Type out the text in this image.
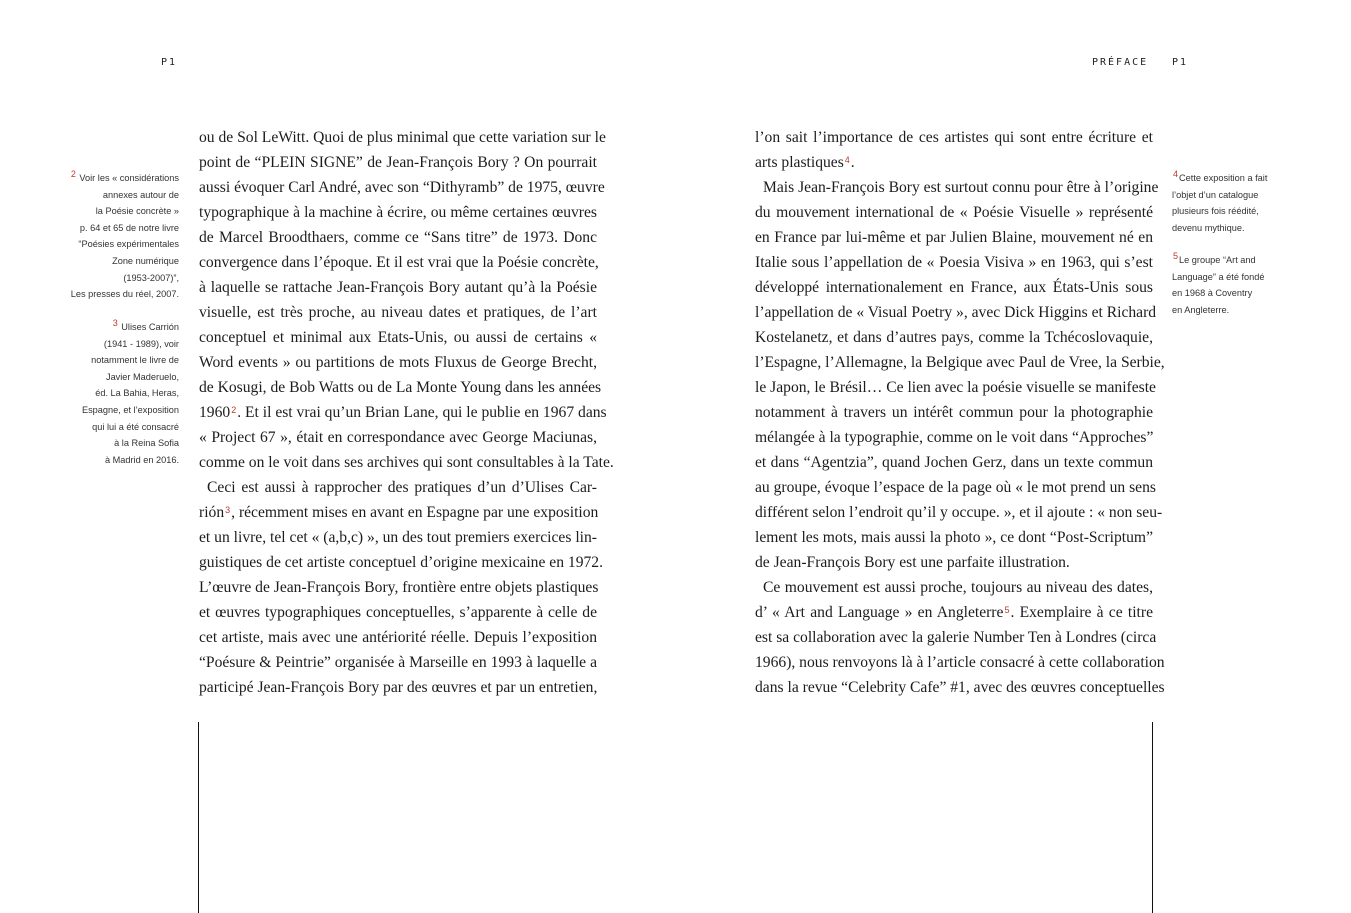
P1	PRÉFACE P1
2 Voir les « considérations
annexes autour de
la Poésie concrète »
p. 64 et 65 de notre livre
“Poésies expérimentales
Zone numérique
(1953-2007)”,
Les presses du réel, 2007.
3 Ulises Carrión
(1941 - 1989), voir
notamment le livre de
Javier Maderuelo,
éd. La Bahia, Heras,
Espagne, et l’exposition
qui lui a été consacré
à la Reina Sofia
à Madrid en 2016.
ou de Sol LeWitt. Quoi de plus minimal que cette variation sur le
point de “PLEIN SIGNE” de Jean-François Bory ? On pourrait
aussi évoquer Carl André, avec son “Dithyramb” de 1975, œuvre
typographique à la machine à écrire, ou même certaines œuvres
de Marcel Broodthaers, comme ce “Sans titre” de 1973. Donc
convergence dans l’époque. Et il est vrai que la Poésie concrète,
à laquelle se rattache Jean-François Bory autant qu’à la Poésie
visuelle, est très proche, au niveau dates et pratiques, de l’art
conceptuel et minimal aux Etats-Unis, ou aussi de certains «
Word events » ou partitions de mots Fluxus de George Brecht,
de Kosugi, de Bob Watts ou de La Monte Young dans les années
1960$^2$. Et il est vrai qu’un Brian Lane, qui le publie en 1967 dans
« Project 67 », était en correspondance avec George Maciunas,
comme on le voit dans ses archives qui sont consultables à la Tate.
Ceci est aussi à rapprocher des pratiques d’un d’Ulises Car-
rión$^3$, récemment mises en avant en Espagne par une exposition
et un livre, tel cet « (a,b,c) », un des tout premiers exercices lin-
guistiques de cet artiste conceptuel d’origine mexicaine en 1972.
L’œuvre de Jean-François Bory, frontière entre objets plastiques
et œuvres typographiques conceptuelles, s’apparente à celle de
cet artiste, mais avec une antériorité réelle. Depuis l’exposition
“Poésure & Peintrie” organisée à Marseille en 1993 à laquelle a
participé Jean-François Bory par des œuvres et par un entretien,
l’on sait l’importance de ces artistes qui sont entre écriture et
arts plastiques$^4$.
Mais Jean-François Bory est surtout connu pour être à l’origine
du mouvement international de « Poésie Visuelle » représenté
en France par lui-même et par Julien Blaine, mouvement né en
Italie sous l’appellation de « Poesia Visiva » en 1963, qui s’est
développé internationalement en France, aux États-Unis sous
l’appellation de « Visual Poetry », avec Dick Higgins et Richard
Kostelanetz, et dans d’autres pays, comme la Tchécoslovaquie,
l’Espagne, l’Allemagne, la Belgique avec Paul de Vree, la Serbie,
le Japon, le Brésil… Ce lien avec la poésie visuelle se manifeste
notamment à travers un intérêt commun pour la photographie
mélangée à la typographie, comme on le voit dans “Approches”
et dans “Agentzia”, quand Jochen Gerz, dans un texte commun
au groupe, évoque l’espace de la page où « le mot prend un sens
différent selon l’endroit qu’il y occupe. », et il ajoute : « non seu-
lement les mots, mais aussi la photo », ce dont “Post-Scriptum”
de Jean-François Bory est une parfaite illustration.
Ce mouvement est aussi proche, toujours au niveau des dates,
d’ « Art and Language » en Angleterre$^5$. Exemplaire à ce titre
est sa collaboration avec la galerie Number Ten à Londres (circa
1966), nous renvoyons là à l’article consacré à cette collaboration
dans la revue “Celebrity Cafe” #1, avec des œuvres conceptuelles
4Cette exposition a fait
l’objet d’un catalogue
plusieurs fois réédité,
devenu mythique.
5Le groupe “Art and
Language” a été fondé
en 1968 à Coventry
en Angleterre.
